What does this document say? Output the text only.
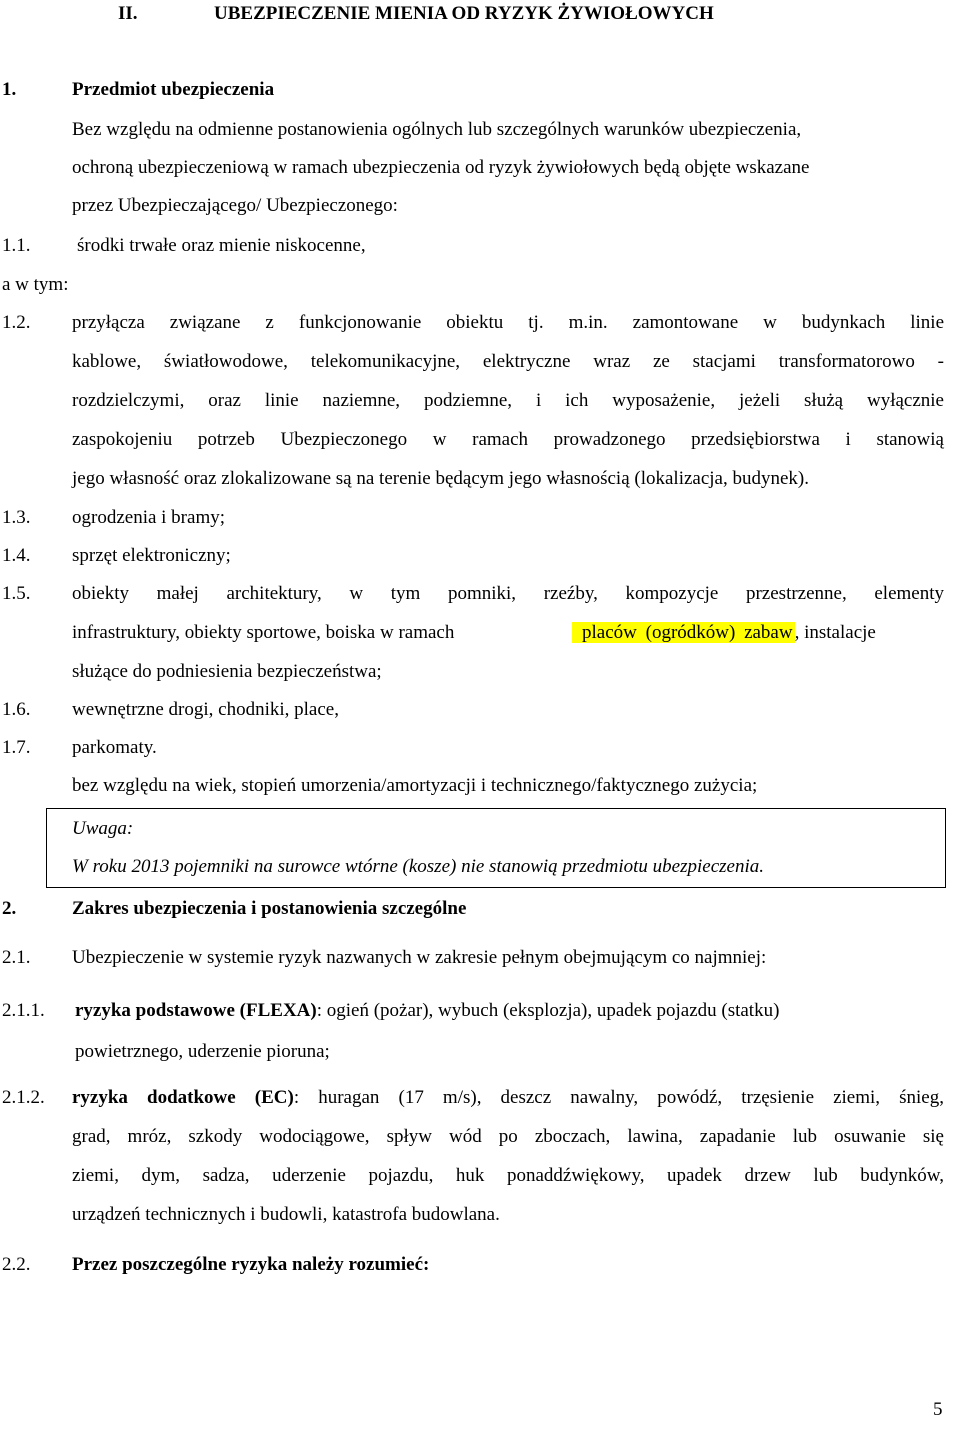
II.	UBEZPIECZENIE MIENIA OD RYZYK ŻYWIOŁOWYCH
1.	Przedmiot ubezpieczenia
Bez względu na odmienne postanowienia ogólnych lub szczególnych warunków ubezpieczenia,
ochroną ubezpieczeniową w ramach ubezpieczenia od ryzyk żywiołowych będą objęte wskazane
przez Ubezpieczającego/ Ubezpieczonego:
1.1. środki trwałe oraz mienie niskocenne,
a w tym:
1.2. przyłącza związane z funkcjonowanie obiektu tj. m.in. zamontowane w budynkach linie
kablowe, światłowodowe, telekomunikacyjne, elektryczne wraz ze stacjami transformatorowo -
rozdzielczymi, oraz linie naziemne, podziemne, i ich wyposażenie, jeżeli służą wyłącznie
zaspokojeniu potrzeb Ubezpieczonego w ramach prowadzonego przedsiębiorstwa i stanowią
jego własność oraz zlokalizowane są na terenie będącym jego własnością (lokalizacja, budynek).
1.3. ogrodzenia i bramy;
1.4. sprzęt elektroniczny;
1.5. obiekty małej architektury, w tym pomniki, rzeźby, kompozycje przestrzenne, elementy
infrastruktury, obiekty sportowe, boiska w ramach	placów (ogródków) zabaw , instalacje
służące do podniesienia bezpieczeństwa;
1.6. wewnętrzne drogi, chodniki, place,
1.7. parkomaty.
bez względu na wiek, stopień umorzenia/amortyzacji i technicznego/faktycznego zużycia;
Uwaga:
W roku 2013 pojemniki na surowce wtórne (kosze) nie stanowią przedmiotu ubezpieczenia.
2.	Zakres ubezpieczenia i postanowienia szczególne
2.1. Ubezpieczenie w systemie ryzyk nazwanych w zakresie pełnym obejmującym co najmniej:
2.1.1. ryzyka podstawowe (FLEXA): ogień (pożar), wybuch (eksplozja), upadek pojazdu (statku)
powietrznego, uderzenie pioruna;
2.1.2. ryzyka dodatkowe (EC): huragan (17 m/s), deszcz nawalny, powódź, trzęsienie ziemi, śnieg,
grad, mróz, szkody wodociągowe, spływ wód po zboczach, lawina, zapadanie lub osuwanie się
ziemi, dym, sadza, uderzenie pojazdu, huk ponaddźwiękowy, upadek drzew lub budynków,
urządzeń technicznych i budowli, katastrofa budowlana.
2.2. Przez poszczególne ryzyka należy rozumieć:
5
